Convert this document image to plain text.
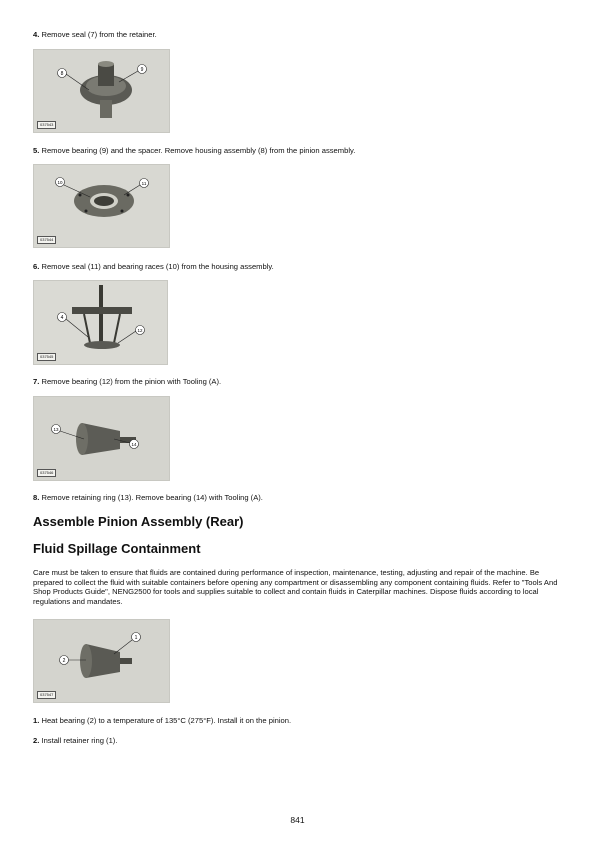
4. Remove seal (7) from the retainer.

8
9
037543

5. Remove bearing (9) and the spacer. Remove housing assembly (8) from the pinion assembly.

10	11
037544

6. Remove seal (11) and bearing races (10) from the housing assembly.

4
12
037545

7. Remove bearing (12) from the pinion with Tooling (A).

13
14
037546

8. Remove retaining ring (13). Remove bearing (14) with Tooling (A).

Assemble Pinion Assembly (Rear)
Fluid Spillage Containment

Care must be taken to ensure that fluids are contained during performance of inspection, maintenance, testing, adjusting and repair of the machine. Be prepared to collect the fluid with suitable containers before opening any compartment or disassembling any component containing fluids. Refer to "Tools And Shop Products Guide", NENG2500 for tools and supplies suitable to collect and contain fluids in Caterpillar machines. Dispose fluids according to local regulations and mandates.

1
2
037547

1. Heat bearing (2) to a temperature of 135°C (275°F). Install it on the pinion.

2. Install retainer ring (1).

841
